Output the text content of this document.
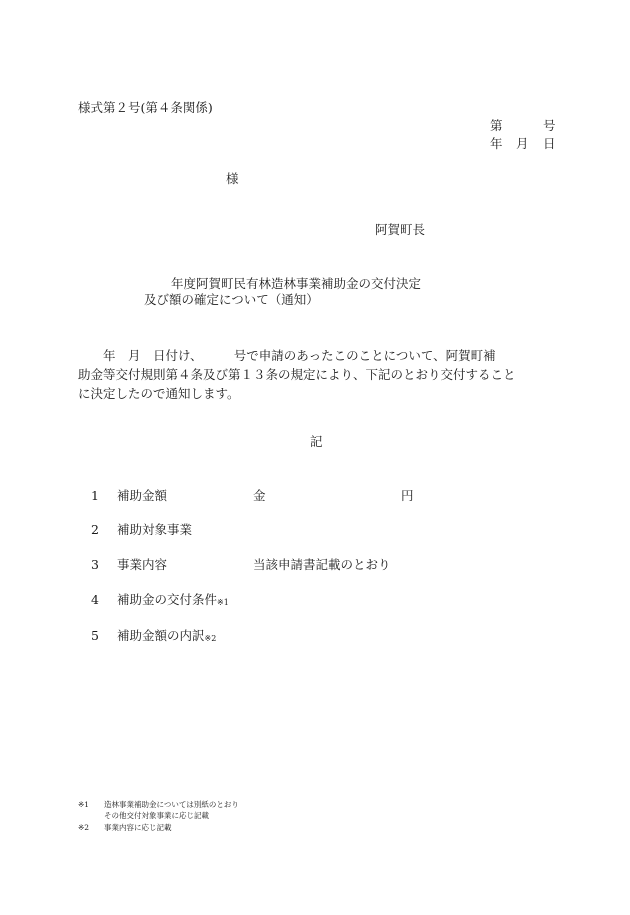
様式第２号(第４条関係)
第	号
年 月 日
様
阿賀町長
年度阿賀町民有林造林事業補助金の交付決定
及び額の確定について（通知）
　　年　月　日付け、　　　号で申請のあったこのことについて、阿賀町補
助金等交付規則第４条及び第１３条の規定により、下記のとおり交付すること
に決定したので通知します。
記
1 補助金額	金	円
2 補助対象事業
3 事業内容	当該申請書記載のとおり
4 補助金の交付条件$^{※1}$
5 補助金額の内訳$^{※2}$
※1 造林事業補助金については別紙のとおり
その他交付対象事業に応じ記載
※2 事業内容に応じ記載
